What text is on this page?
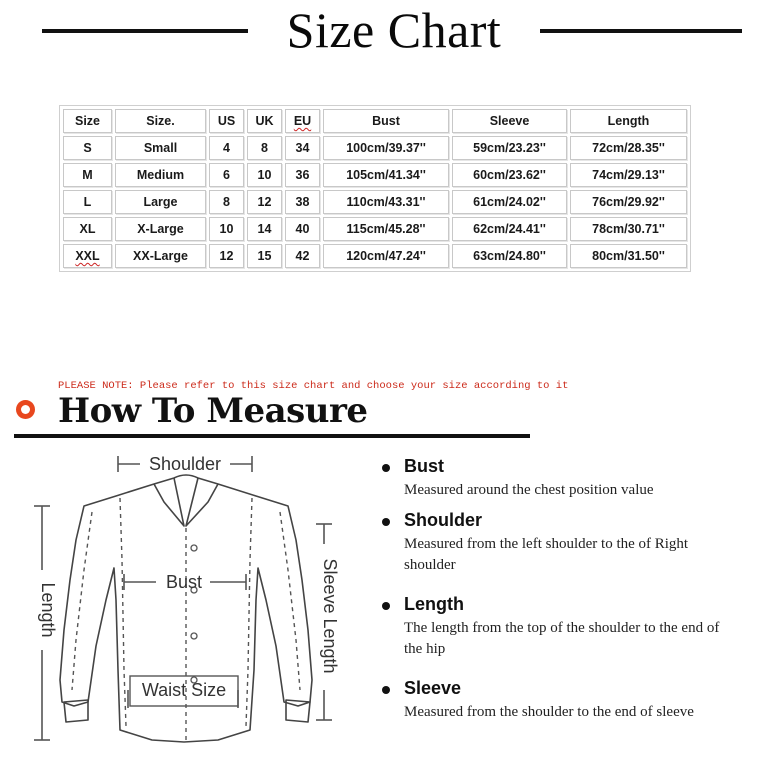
Size Chart
Size	Size.	US	UK	EU	Bust	Sleeve	Length
S	Small	4	8	34	100cm/39.37''	59cm/23.23''	72cm/28.35''
M	Medium	6	10	36	105cm/41.34''	60cm/23.62''	74cm/29.13''
L	Large	8	12	38	110cm/43.31''	61cm/24.02''	76cm/29.92''
XL	X-Large	10	14	40	115cm/45.28''	62cm/24.41''	78cm/30.71''
XXL	XX-Large	12	15	42	120cm/47.24''	63cm/24.80''	80cm/31.50''
PLEASE NOTE: Please refer to this size chart and choose your size according to it
How To Measure
Shoulder
Bust
Length	Sleeve Length
Waist Size
Bust
Measured around the chest position value
Shoulder
Measured from the left shoulder to the of Right shoulder
Length
The length from the top of the shoulder to the end of the hip
Sleeve
Measured from the shoulder to the end of sleeve
